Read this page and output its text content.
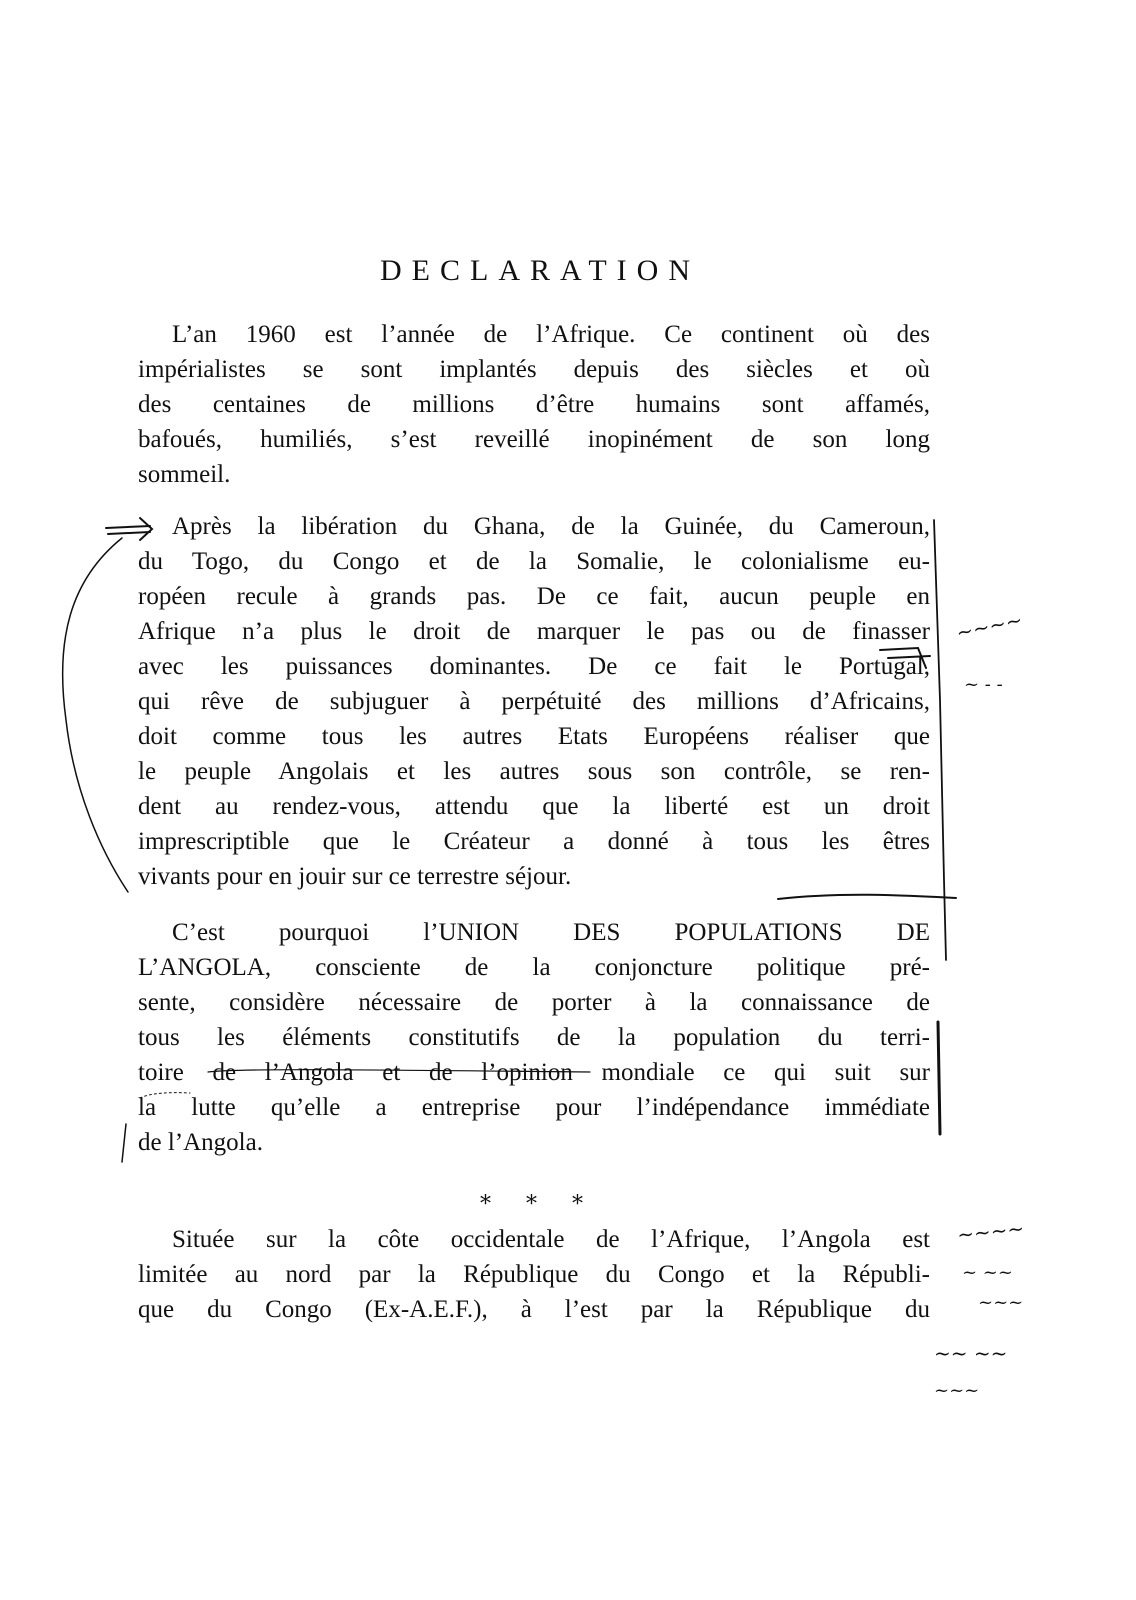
DECLARATION
L’an 1960 est l’année de l’Afrique. Ce continent où des
impérialistes se sont implantés depuis des siècles et où
des centaines de millions d’être humains sont affamés,
bafoués, humiliés, s’est reveillé inopinément de son long
sommeil.
Après la libération du Ghana, de la Guinée, du Cameroun,
du Togo, du Congo et de la Somalie, le colonialisme eu-
ropéen recule à grands pas. De ce fait, aucun peuple en
Afrique n’a plus le droit de marquer le pas ou de finasser
avec les puissances dominantes. De ce fait le Portugal,
qui rêve de subjuguer à perpétuité des millions d’Africains,
doit comme tous les autres Etats Européens réaliser que
le peuple Angolais et les autres sous son contrôle, se ren-
dent au rendez-vous, attendu que la liberté est un droit
imprescriptible que le Créateur a donné à tous les êtres
vivants pour en jouir sur ce terrestre séjour.
C’est pourquoi l’UNION DES POPULATIONS DE
L’ANGOLA, consciente de la conjoncture politique pré-
sente, considère nécessaire de porter à la connaissance de
tous les éléments constitutifs de la population du terri-
toire de l’Angola et de l’opinion mondiale ce qui suit sur
la lutte qu’elle a entreprise pour l’indépendance immédiate
de l’Angola.
* * *
Située sur la côte occidentale de l’Afrique, l’Angola est
limitée au nord par la République du Congo et la Républi-
que du Congo (Ex-A.E.F.), à l’est par la République du
~~~~
~ - -
~~~~
~ ~~
~~~
~~ ~~
~~~
